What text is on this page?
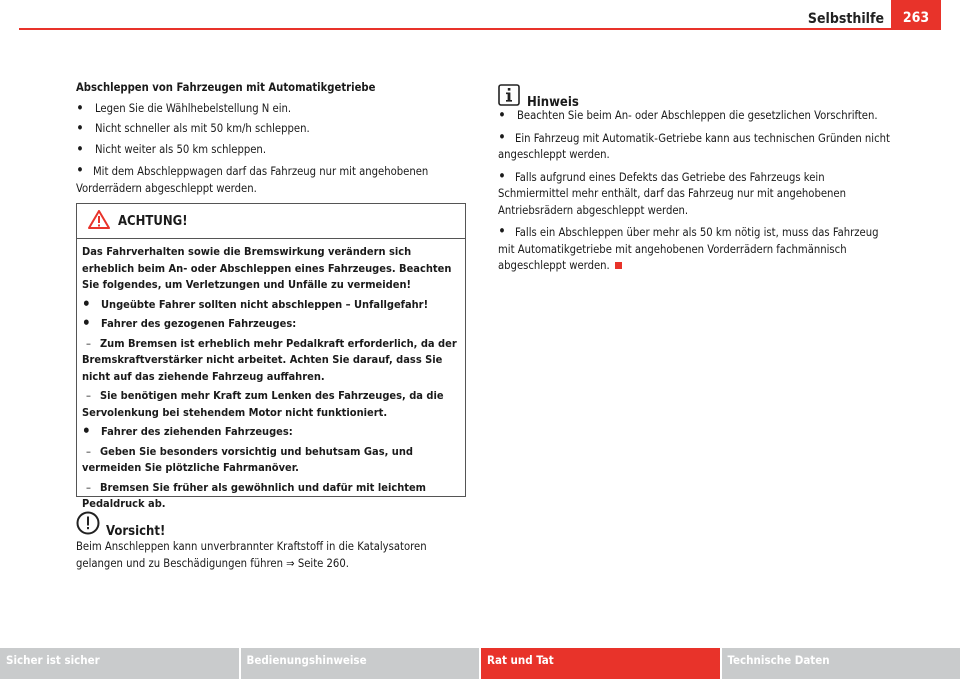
Selbsthilfe	263
Abschleppen von Fahrzeugen mit Automatikgetriebe
• Legen Sie die Wählhebelstellung N ein.
• Nicht schneller als mit 50 km/h schleppen.
• Nicht weiter als 50 km schleppen.
• Mit dem Abschleppwagen darf das Fahrzeug nur mit angehobenen Vorderrädern abgeschleppt werden.
ACHTUNG!
Das Fahrverhalten sowie die Bremswirkung verändern sich erheblich beim An- oder Abschleppen eines Fahrzeuges. Beachten Sie folgendes, um Verletzungen und Unfälle zu vermeiden!
• Ungeübte Fahrer sollten nicht abschleppen – Unfallgefahr!
• Fahrer des gezogenen Fahrzeuges:
– Zum Bremsen ist erheblich mehr Pedalkraft erforderlich, da der Bremskraftverstärker nicht arbeitet. Achten Sie darauf, dass Sie nicht auf das ziehende Fahrzeug auffahren.
– Sie benötigen mehr Kraft zum Lenken des Fahrzeuges, da die Servolenkung bei stehendem Motor nicht funktioniert.
• Fahrer des ziehenden Fahrzeuges:
– Geben Sie besonders vorsichtig und behutsam Gas, und vermeiden Sie plötzliche Fahrmanöver.
– Bremsen Sie früher als gewöhnlich und dafür mit leichtem Pedaldruck ab.
Vorsicht!
Beim Anschleppen kann unverbrannter Kraftstoff in die Katalysatoren gelangen und zu Beschädigungen führen ⇒ Seite 260.
Hinweis
• Beachten Sie beim An- oder Abschleppen die gesetzlichen Vorschriften.
• Ein Fahrzeug mit Automatik-Getriebe kann aus technischen Gründen nicht angeschleppt werden.
• Falls aufgrund eines Defekts das Getriebe des Fahrzeugs kein Schmiermittel mehr enthält, darf das Fahrzeug nur mit angehobenen Antriebsrädern abgeschleppt werden.
• Falls ein Abschleppen über mehr als 50 km nötig ist, muss das Fahrzeug mit Automatikgetriebe mit angehobenen Vorderrädern fachmännisch abgeschleppt werden.
Sicher ist sicher	Bedienungshinweise	Rat und Tat	Technische Daten
